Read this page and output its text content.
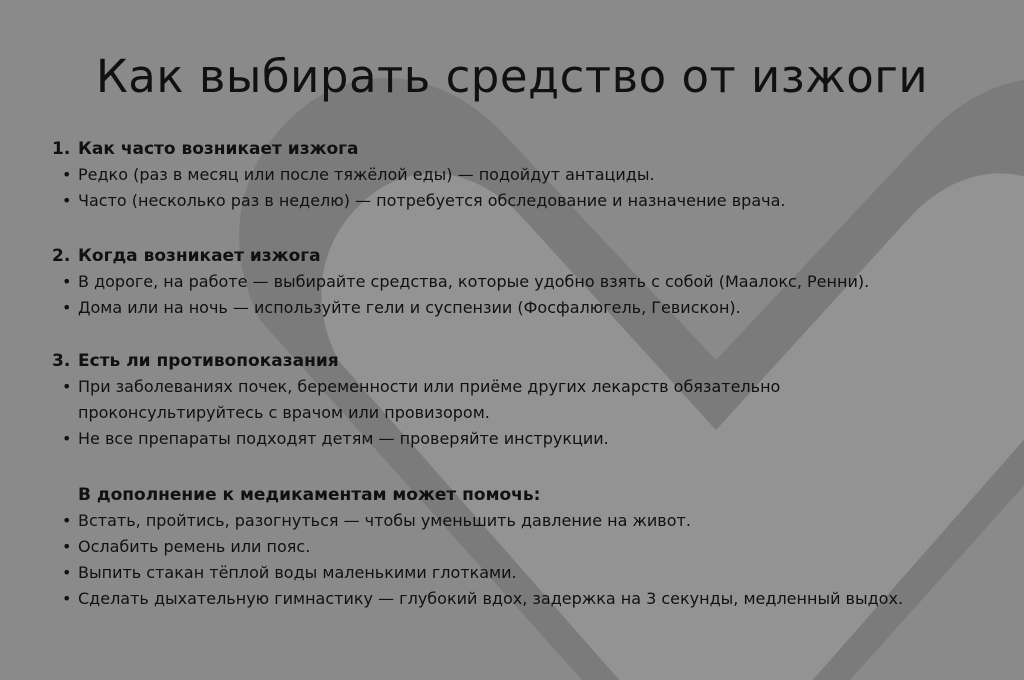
Как выбирать средство от изжоги
1. Как часто возникает изжога
• Редко (раз в месяц или после тяжёлой еды) — подойдут антациды.
• Часто (несколько раз в неделю) — потребуется обследование и назначение врача.
2. Когда возникает изжога
• В дороге, на работе — выбирайте средства, которые удобно взять с собой (Маалокс, Ренни).
• Дома или на ночь — используйте гели и суспензии (Фосфалюгель, Гевискон).
3. Есть ли противопоказания
• При заболеваниях почек, беременности или приёме других лекарств обязательно проконсультируйтесь с врачом или провизором.
• Не все препараты подходят детям — проверяйте инструкции.
В дополнение к медикаментам может помочь:
• Встать, пройтись, разогнуться — чтобы уменьшить давление на живот.
• Ослабить ремень или пояс.
• Выпить стакан тёплой воды маленькими глотками.
• Сделать дыхательную гимнастику — глубокий вдох, задержка на 3 секунды, медленный выдох.
